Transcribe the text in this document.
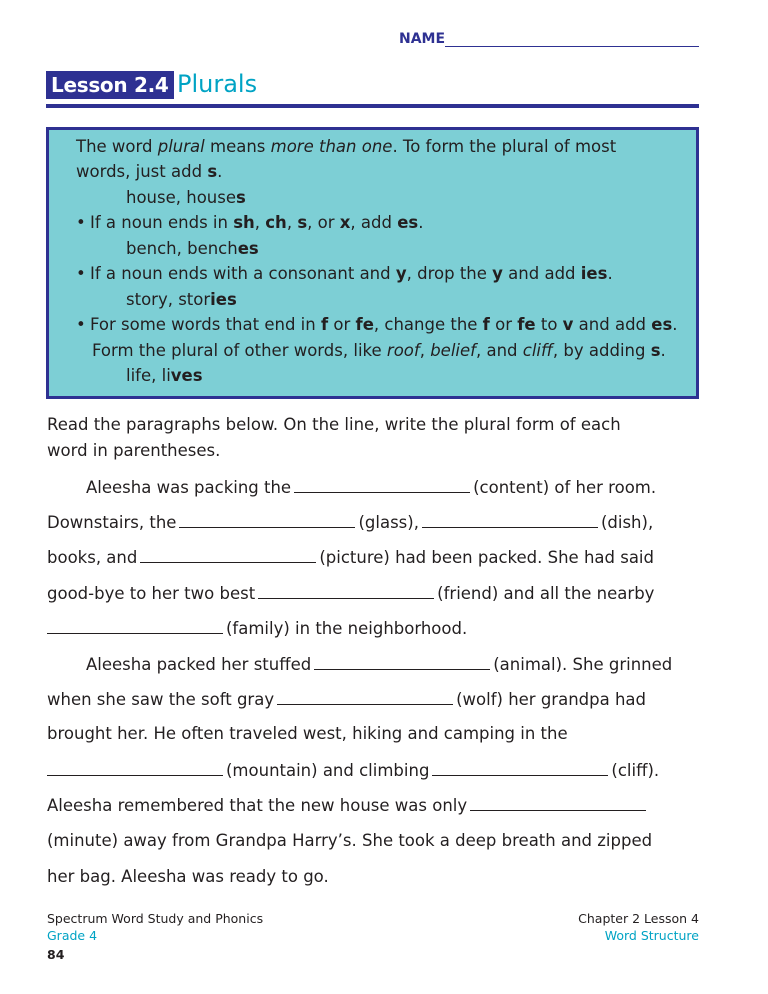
NAME
Lesson 2.4 Plurals
The word plural means more than one. To form the plural of most
words, just add s.
house, houses
• If a noun ends in sh, ch, s, or x, add es.
bench, benches
• If a noun ends with a consonant and y, drop the y and add ies.
story, stories
• For some words that end in f or fe, change the f or fe to v and add es.
Form the plural of other words, like roof, belief, and cliff, by adding s.
life, lives
Read the paragraphs below. On the line, write the plural form of each
word in parentheses.
Aleesha was packing the	(content) of her room.
Downstairs, the	(glass),	(dish),
books, and	(picture) had been packed. She had said
good-bye to her two best	(friend) and all the nearby
(family) in the neighborhood.
Aleesha packed her stuffed	(animal). She grinned
when she saw the soft gray	(wolf) her grandpa had
brought her. He often traveled west, hiking and camping in the
(mountain) and climbing	(cliff).
Aleesha remembered that the new house was only
(minute) away from Grandpa Harry’s. She took a deep breath and zipped
her bag. Aleesha was ready to go.
Spectrum Word Study and Phonics
Grade 4
84
Chapter 2 Lesson 4
Word Structure
